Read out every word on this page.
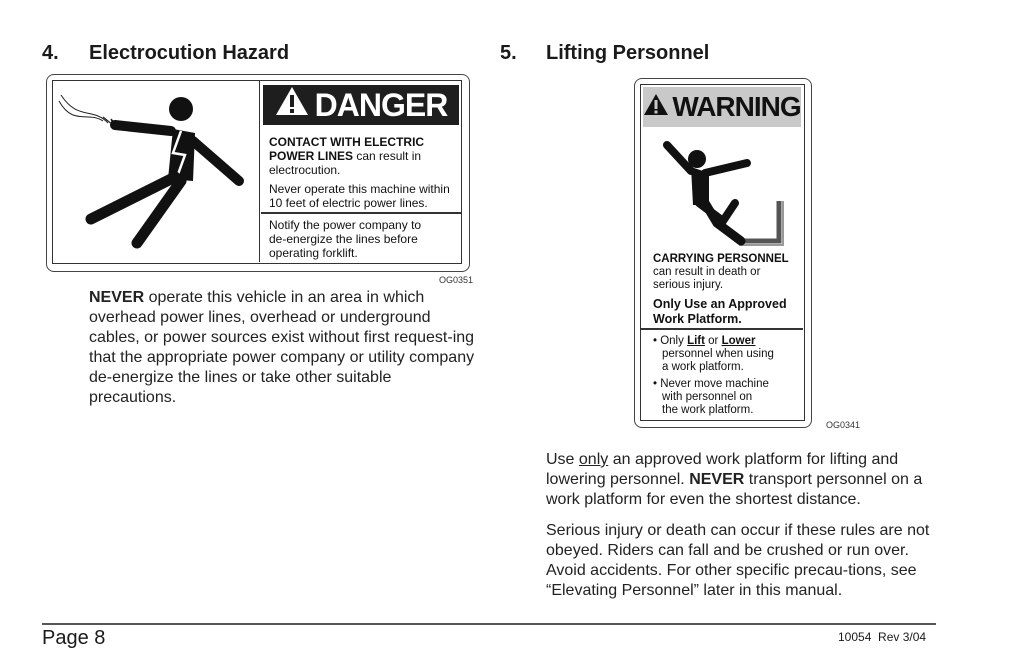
4. Electrocution Hazard
DANGER
CONTACT WITH ELECTRIC
POWER LINES can result in
electrocution.
Never operate this machine within
10 feet of electric power lines.
Notify the power company to
de-energize the lines before
operating forklift.
OG0351

NEVER operate this vehicle in an area in which overhead power lines, overhead or underground cables, or power sources exist without first request-ing that the appropriate power company or utility company de-energize the lines or take other suitable precautions.

5. Lifting Personnel
WARNING
CARRYING PERSONNEL
can result in death or
serious injury.
Only Use an Approved
Work Platform.
• Only Lift or Lower
personnel when using
a work platform.
• Never move machine
with personnel on
the work platform.
OG0341

Use only an approved work platform for lifting and lowering personnel. NEVER transport personnel on a work platform for even the shortest distance.

Serious injury or death can occur if these rules are not obeyed. Riders can fall and be crushed or run over. Avoid accidents. For other specific precau-tions, see “Elevating Personnel” later in this manual.

Page 8	10054  Rev 3/04
